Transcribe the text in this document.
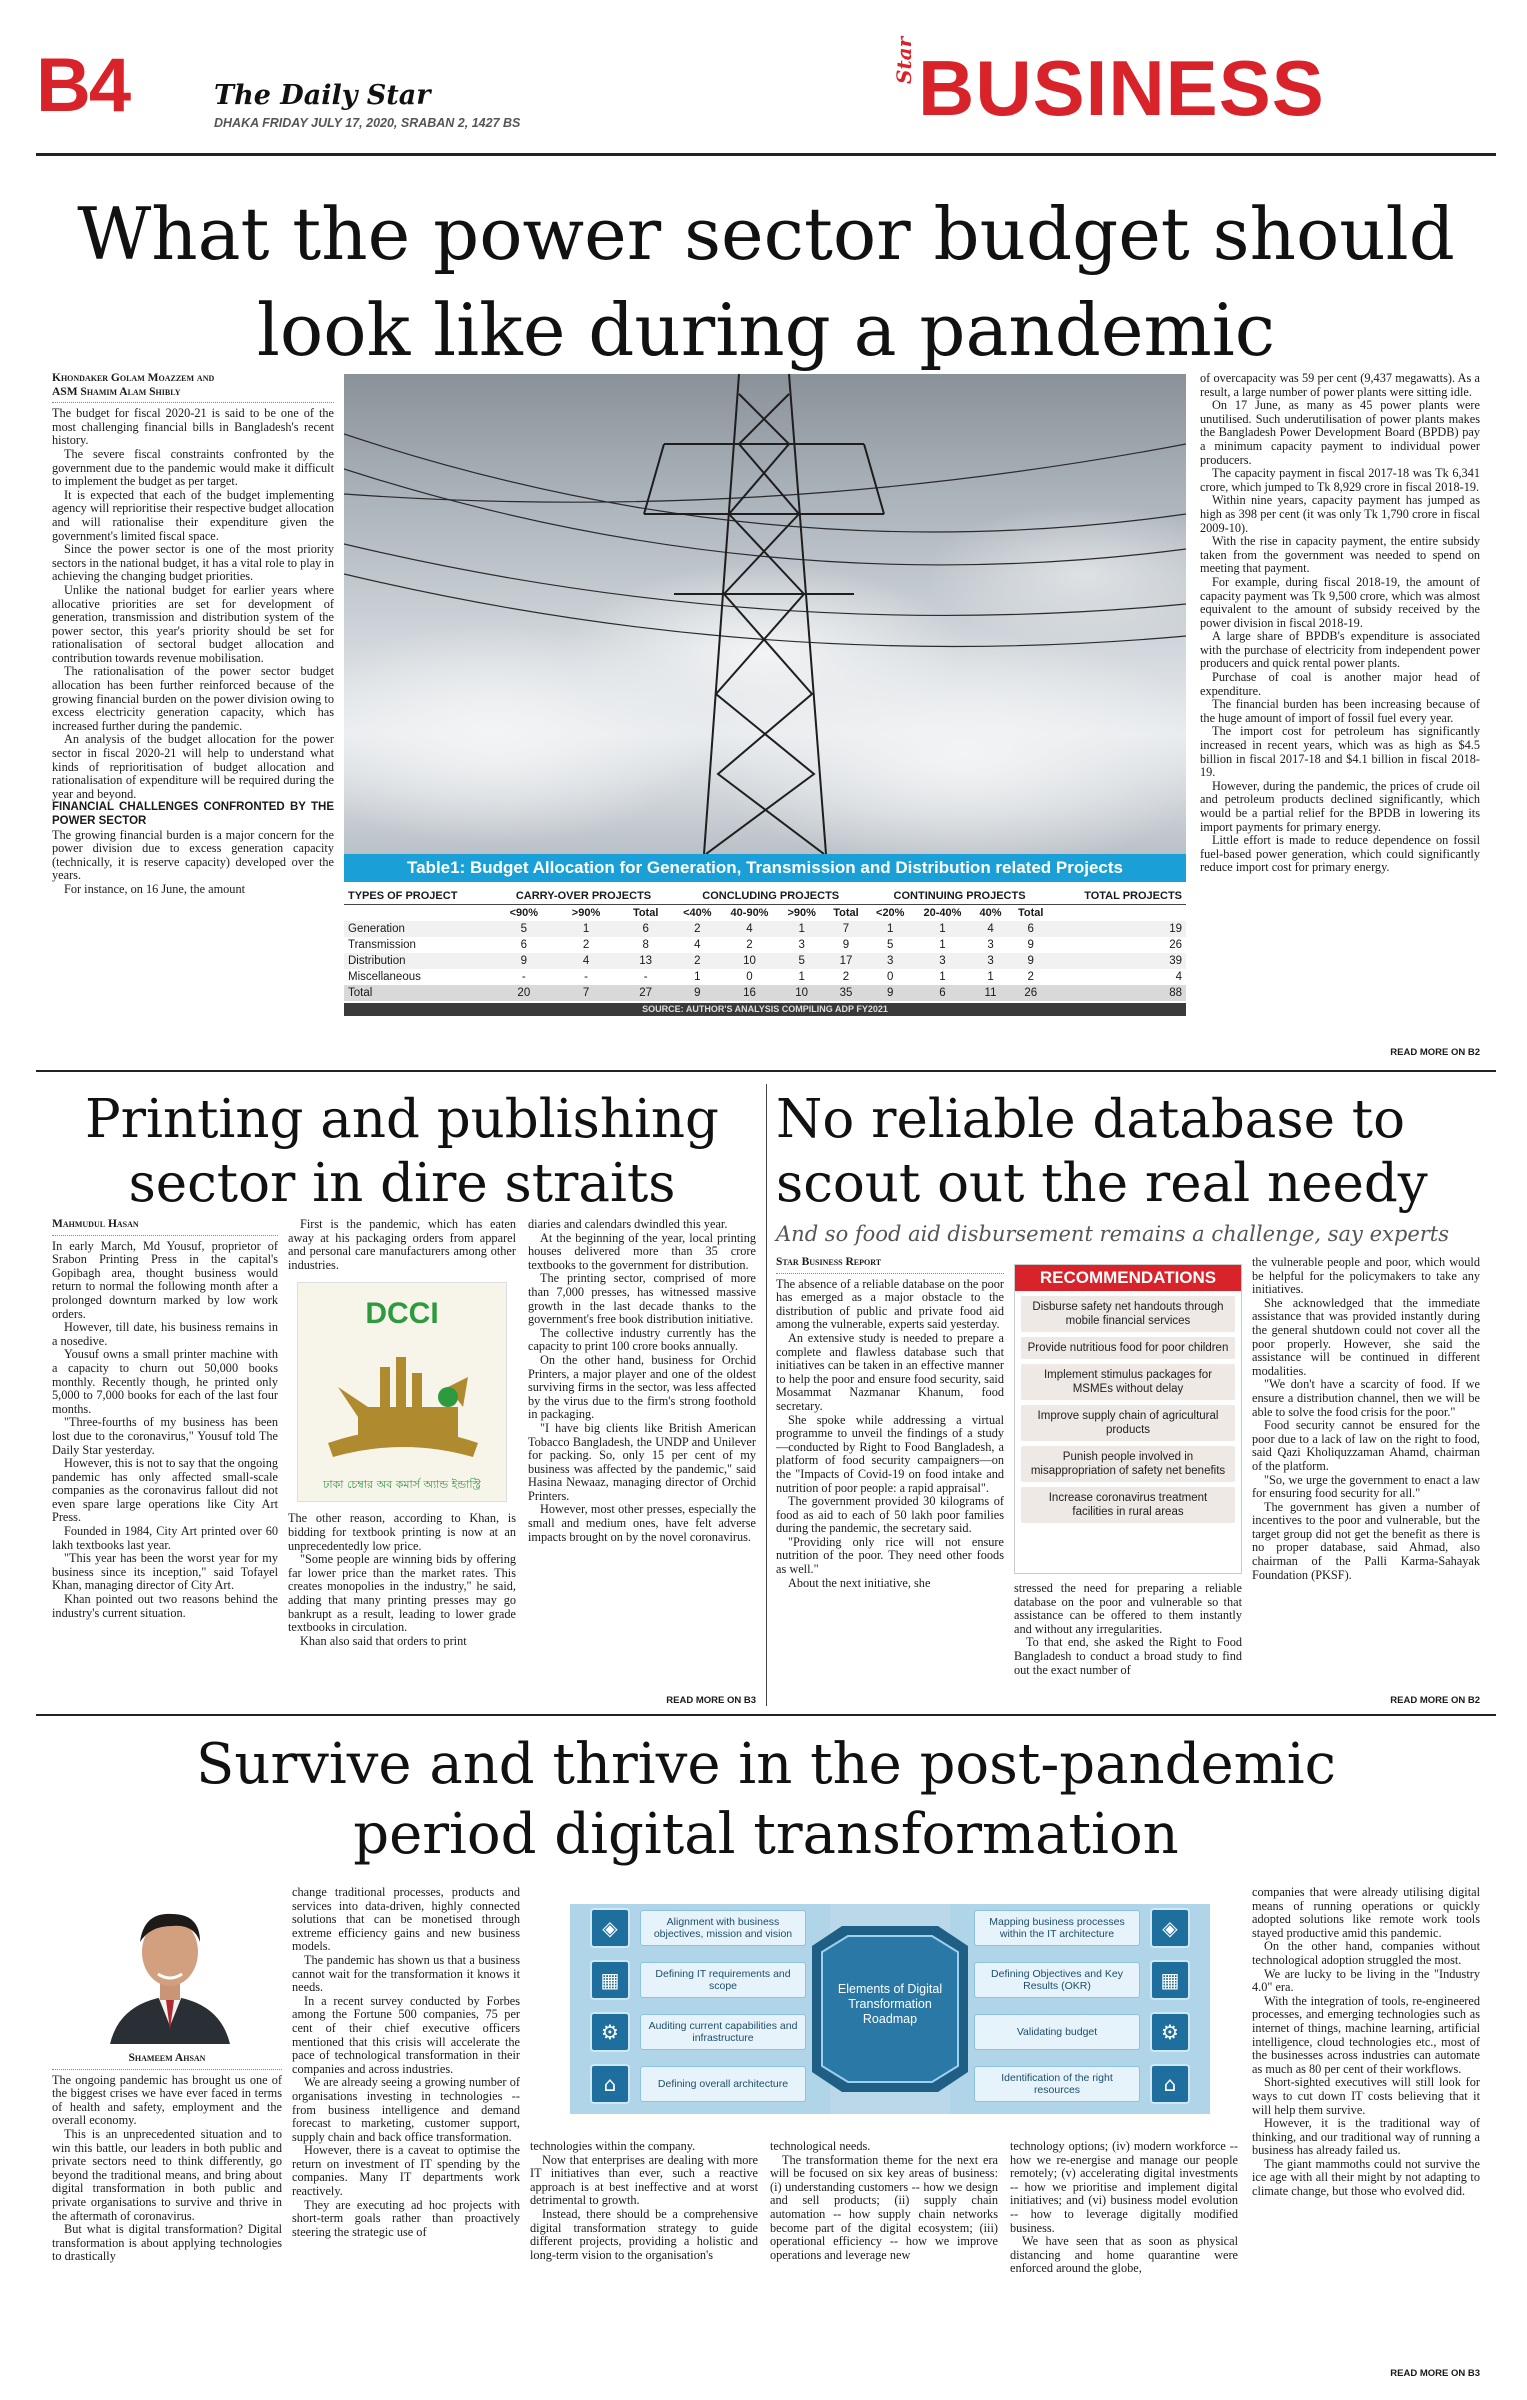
B4	The Daily Star
DHAKA FRIDAY JULY 17, 2020, SRABAN 2, 1427 BS
Star BUSINESS
What the power sector budget should
look like during a pandemic
Khondaker Golam Moazzem and
ASM Shamim Alam Shibly

The budget for fiscal 2020-21 is said to be one of the most challenging financial bills in Bangladesh's recent history.

The severe fiscal constraints confronted by the government due to the pandemic would make it difficult to implement the budget as per target.

It is expected that each of the budget implementing agency will reprioritise their respective budget allocation and will rationalise their expenditure given the government's limited fiscal space.

Since the power sector is one of the most priority sectors in the national budget, it has a vital role to play in achieving the changing budget priorities.

Unlike the national budget for earlier years where allocative priorities are set for development of generation, transmission and distribution system of the power sector, this year's priority should be set for rationalisation of sectoral budget allocation and contribution towards revenue mobilisation.

The rationalisation of the power sector budget allocation has been further reinforced because of the growing financial burden on the power division owing to excess electricity generation capacity, which has increased further during the pandemic.

An analysis of the budget allocation for the power sector in fiscal 2020-21 will help to understand what kinds of reprioritisation of budget allocation and rationalisation of expenditure will be required during the year and beyond.

FINANCIAL CHALLENGES CONFRONTED BY THE POWER SECTOR

The growing financial burden is a major concern for the power division due to excess generation capacity (technically, it is reserve capacity) developed over the years.

For instance, on 16 June, the amount

Table1: Budget Allocation for Generation, Transmission and Distribution related Projects
TYPES OF PROJECT	CARRY-OVER PROJECTS			CONCLUDING PROJECTS				CONTINUING PROJECTS				TOTAL PROJECTS
	<90%	>90%	Total	<40%	40-90%	>90%	Total	<20%	20-40%	40%	Total	
Generation	5	1	6	2	4	1	7	1	1	4	6	19
Transmission	6	2	8	4	2	3	9	5	1	3	9	26
Distribution	9	4	13	2	10	5	17	3	3	3	9	39
Miscellaneous	-	-	-	1	0	1	2	0	1	1	2	4
Total	20	7	27	9	16	10	35	9	6	11	26	88
SOURCE: AUTHOR'S ANALYSIS COMPILING ADP FY2021

of overcapacity was 59 per cent (9,437 megawatts). As a result, a large number of power plants were sitting idle.

On 17 June, as many as 45 power plants were unutilised. Such underutilisation of power plants makes the Bangladesh Power Development Board (BPDB) pay a minimum capacity payment to individual power producers.

The capacity payment in fiscal 2017-18 was Tk 6,341 crore, which jumped to Tk 8,929 crore in fiscal 2018-19.

Within nine years, capacity payment has jumped as high as 398 per cent (it was only Tk 1,790 crore in fiscal 2009-10).

With the rise in capacity payment, the entire subsidy taken from the government was needed to spend on meeting that payment.

For example, during fiscal 2018-19, the amount of capacity payment was Tk 9,500 crore, which was almost equivalent to the amount of subsidy received by the power division in fiscal 2018-19.

A large share of BPDB's expenditure is associated with the purchase of electricity from independent power producers and quick rental power plants.

Purchase of coal is another major head of expenditure.

The financial burden has been increasing because of the huge amount of import of fossil fuel every year.

The import cost for petroleum has significantly increased in recent years, which was as high as $4.5 billion in fiscal 2017-18 and $4.1 billion in fiscal 2018-19.

However, during the pandemic, the prices of crude oil and petroleum products declined significantly, which would be a partial relief for the BPDB in lowering its import payments for primary energy.

Little effort is made to reduce dependence on fossil fuel-based power generation, which could significantly reduce import cost for primary energy.

READ MORE ON B2
Printing and publishing
sector in dire straits
Mahmudul Hasan

In early March, Md Yousuf, proprietor of Srabon Printing Press in the capital's Gopibagh area, thought business would return to normal the following month after a prolonged downturn marked by low work orders.

However, till date, his business remains in a nosedive.

Yousuf owns a small printer machine with a capacity to churn out 50,000 books monthly. Recently though, he printed only 5,000 to 7,000 books for each of the last four months.

"Three-fourths of my business has been lost due to the coronavirus," Yousuf told The Daily Star yesterday.

However, this is not to say that the ongoing pandemic has only affected small-scale companies as the coronavirus fallout did not even spare large operations like City Art Press.

Founded in 1984, City Art printed over 60 lakh textbooks last year.

"This year has been the worst year for my business since its inception," said Tofayel Khan, managing director of City Art.

Khan pointed out two reasons behind the industry's current situation.

First is the pandemic, which has eaten away at his packaging orders from apparel and personal care manufacturers among other industries.

DCCI
ঢাকা চেম্বার অব কমার্স অ্যান্ড ইন্ডাস্ট্রি

The other reason, according to Khan, is bidding for textbook printing is now at an unprecedentedly low price.

"Some people are winning bids by offering far lower price than the market rates. This creates monopolies in the industry," he said, adding that many printing presses may go bankrupt as a result, leading to lower grade textbooks in circulation.

Khan also said that orders to print

diaries and calendars dwindled this year.

At the beginning of the year, local printing houses delivered more than 35 crore textbooks to the government for distribution.

The printing sector, comprised of more than 7,000 presses, has witnessed massive growth in the last decade thanks to the government's free book distribution initiative.

The collective industry currently has the capacity to print 100 crore books annually.

On the other hand, business for Orchid Printers, a major player and one of the oldest surviving firms in the sector, was less affected by the virus due to the firm's strong foothold in packaging.

"I have big clients like British American Tobacco Bangladesh, the UNDP and Unilever for packing. So, only 15 per cent of my business was affected by the pandemic," said Hasina Newaaz, managing director of Orchid Printers.

However, most other presses, especially the small and medium ones, have felt adverse impacts brought on by the novel coronavirus.

READ MORE ON B3
No reliable database to
scout out the real needy
And so food aid disbursement remains a challenge, say experts
Star Business Report

The absence of a reliable database on the poor has emerged as a major obstacle to the distribution of public and private food aid among the vulnerable, experts said yesterday.

An extensive study is needed to prepare a complete and flawless database such that initiatives can be taken in an effective manner to help the poor and ensure food security, said Mosammat Nazmanar Khanum, food secretary.

She spoke while addressing a virtual programme to unveil the findings of a study—conducted by Right to Food Bangladesh, a platform of food security campaigners—on the "Impacts of Covid-19 on food intake and nutrition of poor people: a rapid appraisal".

The government provided 30 kilograms of food as aid to each of 50 lakh poor families during the pandemic, the secretary said.

"Providing only rice will not ensure nutrition of the poor. They need other foods as well."

About the next initiative, she

RECOMMENDATIONS
Disburse safety net handouts through mobile financial services
Provide nutritious food for poor children
Implement stimulus packages for MSMEs without delay
Improve supply chain of agricultural products
Punish people involved in misappropriation of safety net benefits
Increase coronavirus treatment facilities in rural areas

stressed the need for preparing a reliable database on the poor and vulnerable so that assistance can be offered to them instantly and without any irregularities.

To that end, she asked the Right to Food Bangladesh to conduct a broad study to find out the exact number of

the vulnerable people and poor, which would be helpful for the policymakers to take any initiatives.

She acknowledged that the immediate assistance that was provided instantly during the general shutdown could not cover all the poor properly. However, she said the assistance will be continued in different modalities.

"We don't have a scarcity of food. If we ensure a distribution channel, then we will be able to solve the food crisis for the poor."

Food security cannot be ensured for the poor due to a lack of law on the right to food, said Qazi Kholiquzzaman Ahamd, chairman of the platform.

"So, we urge the government to enact a law for ensuring food security for all."

The government has given a number of incentives to the poor and vulnerable, but the target group did not get the benefit as there is no proper database, said Ahmad, also chairman of the Palli Karma-Sahayak Foundation (PKSF).

READ MORE ON B2
Survive and thrive in the post-pandemic
period digital transformation
Shameem Ahsan

The ongoing pandemic has brought us one of the biggest crises we have ever faced in terms of health and safety, employment and the overall economy.

This is an unprecedented situation and to win this battle, our leaders in both public and private sectors need to think differently, go beyond the traditional means, and bring about digital transformation in both public and private organisations to survive and thrive in the aftermath of coronavirus.

But what is digital transformation? Digital transformation is about applying technologies to drastically

change traditional processes, products and services into data-driven, highly connected solutions that can be monetised through extreme efficiency gains and new business models.

The pandemic has shown us that a business cannot wait for the transformation it knows it needs.

In a recent survey conducted by Forbes among the Fortune 500 companies, 75 per cent of their chief executive officers mentioned that this crisis will accelerate the pace of technological transformation in their companies and across industries.

We are already seeing a growing number of organisations investing in technologies -- from business intelligence and demand forecast to marketing, customer support, supply chain and back office transformation.

However, there is a caveat to optimise the return on investment of IT spending by the companies. Many IT departments work reactively.

They are executing ad hoc projects with short-term goals rather than proactively steering the strategic use of

Elements of Digital Transformation Roadmap
◈	Alignment with business objectives, mission and vision
▦	Defining IT requirements and scope
⚙	Auditing current capabilities and infrastructure
⌂	Defining overall architecture
◈
Mapping business processes within the IT architecture
▦
Defining Objectives and Key Results (OKR)
⚙
Validating budget
⌂
Identification of the right resources

technologies within the company.

Now that enterprises are dealing with more IT initiatives than ever, such a reactive approach is at best ineffective and at worst detrimental to growth.

Instead, there should be a comprehensive digital transformation strategy to guide different projects, providing a holistic and long-term vision to the organisation's

technological needs.

The transformation theme for the next era will be focused on six key areas of business: (i) understanding customers -- how we design and sell products; (ii) supply chain automation -- how supply chain networks become part of the digital ecosystem; (iii) operational efficiency -- how we improve operations and leverage new

technology options; (iv) modern workforce -- how we re-energise and manage our people remotely; (v) accelerating digital investments -- how we prioritise and implement digital initiatives; and (vi) business model evolution -- how to leverage digitally modified business.

We have seen that as soon as physical distancing and home quarantine were enforced around the globe,

companies that were already utilising digital means of running operations or quickly adopted solutions like remote work tools stayed productive amid this pandemic.

On the other hand, companies without technological adoption struggled the most.

We are lucky to be living in the "Industry 4.0" era.

With the integration of tools, re-engineered processes, and emerging technologies such as internet of things, machine learning, artificial intelligence, cloud technologies etc., most of the businesses across industries can automate as much as 80 per cent of their workflows.

Short-sighted executives will still look for ways to cut down IT costs believing that it will help them survive.

However, it is the traditional way of thinking, and our traditional way of running a business has already failed us.

The giant mammoths could not survive the ice age with all their might by not adapting to climate change, but those who evolved did.

READ MORE ON B3
